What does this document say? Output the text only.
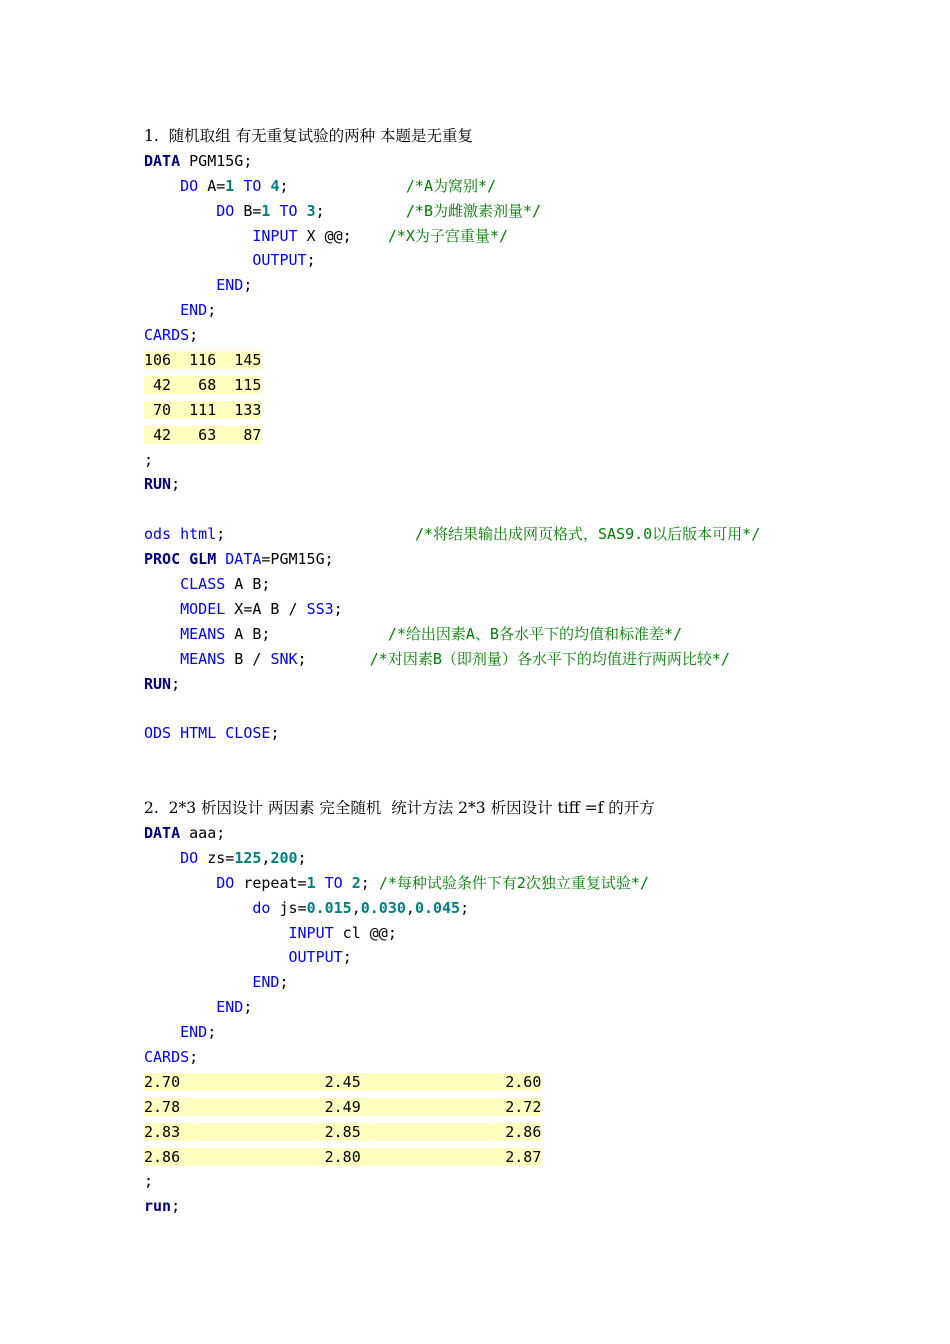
1.  随机取组 有无重复试验的两种 本题是无重复
DATA PGM15G;
DO A=1 TO 4;	/*A为窝别*/
DO B=1 TO 3;	/*B为雌激素剂量*/
INPUT X @@; /*X为子宫重量*/
OUTPUT;
END;
END;
CARDS;
106  116  145
42   68  115
70  111  133
42   63   87
;
RUN;
ods html;	/*将结果输出成网页格式，SAS9.0以后版本可用*/
PROC GLM DATA=PGM15G;
CLASS A B;
MODEL X=A B / SS3;
MEANS A B;	/*给出因素A、B各水平下的均值和标准差*/
MEANS B / SNK;	/*对因素B（即剂量）各水平下的均值进行两两比较*/
RUN;
ODS HTML CLOSE;
2.  2*3 析因设计 两因素 完全随机  统计方法 2*3 析因设计 tiff =f 的开方
DATA aaa;
DO zs=125,200;
DO repeat=1 TO 2; /*每种试验条件下有2次独立重复试验*/
do js=0.015,0.030,0.045;
INPUT cl @@;
OUTPUT;
END;
END;
END;
CARDS;
2.70                2.45                2.60
2.78                2.49                2.72
2.83                2.85                2.86
2.86                2.80                2.87
;
run;
